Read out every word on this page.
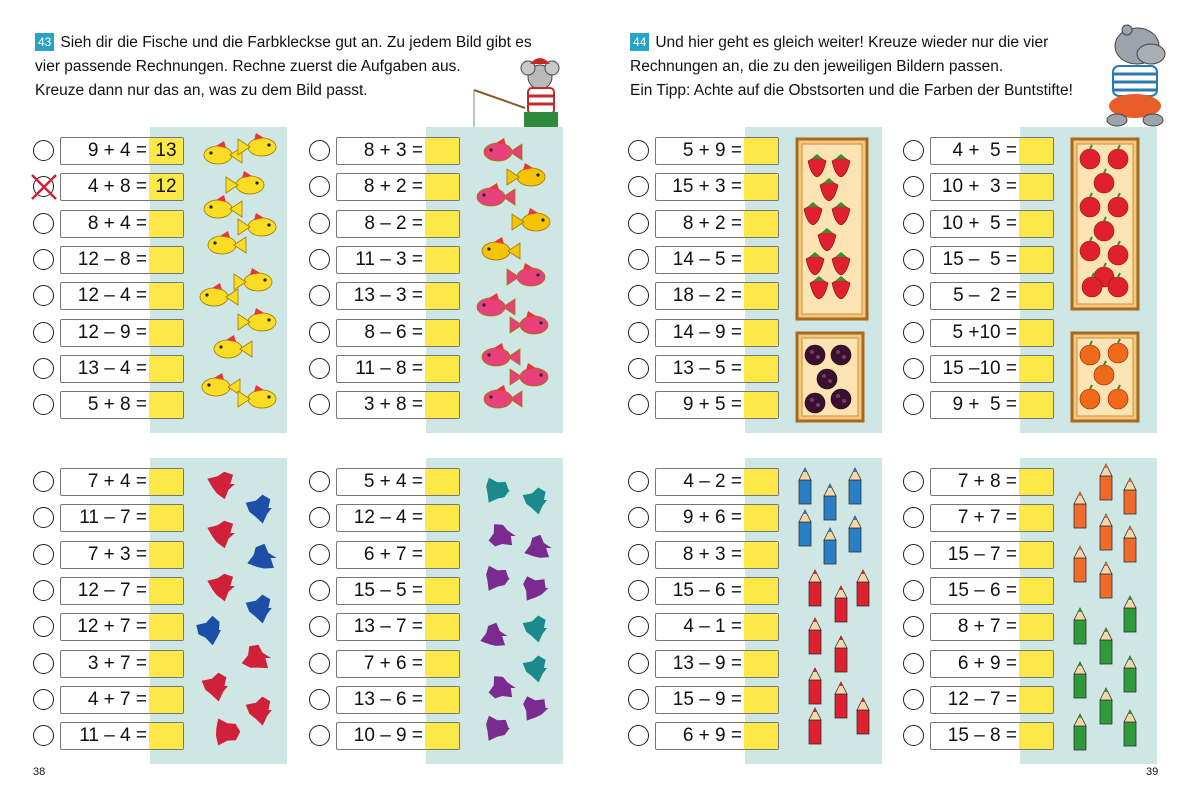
43 Sieh dir die Fische und die Farbkleckse gut an. Zu jedem Bild gibt es
vier passende Rechnungen. Rechne zuerst die Aufgaben aus.
Kreuze dann nur das an, was zu dem Bild passt.
44 Und hier geht es gleich weiter! Kreuze wieder nur die vier
Rechnungen an, die zu den jeweiligen Bildern passen.
Ein Tipp: Achte auf die Obstsorten und die Farben der Buntstifte!
9 + 4 = 13
4 + 8 = 12
8 + 4 =
12 – 8 =
12 – 4 =
12 – 9 =
13 – 4 =
5 + 8 =
8 + 3 =
8 + 2 =
8 – 2 =
11 – 3 =
13 – 3 =
8 – 6 =
11 – 8 =
3 + 8 =
7 + 4 =
11 – 7 =
7 + 3 =
12 – 7 =
12 + 7 =
3 + 7 =
4 + 7 =
11 – 4 =
5 + 4 =
12 – 4 =
6 + 7 =
15 – 5 =
13 – 7 =
7 + 6 =
13 – 6 =
10 – 9 =
5 + 9 =
15 + 3 =
8 + 2 =
14 – 5 =
18 – 2 =
14 – 9 =
13 – 5 =
9 + 5 =
4 +  5 =
10 +  3 =
10 +  5 =
15 –  5 =
5 –  2 =
5 +10 =
15 –10 =
9 +  5 =
4 – 2 =
9 + 6 =
8 + 3 =
15 – 6 =
4 – 1 =
13 – 9 =
15 – 9 =
6 + 9 =
7 + 8 =
7 + 7 =
15 – 7 =
15 – 6 =
8 + 7 =
6 + 9 =
12 – 7 =
15 – 8 =
38	39
